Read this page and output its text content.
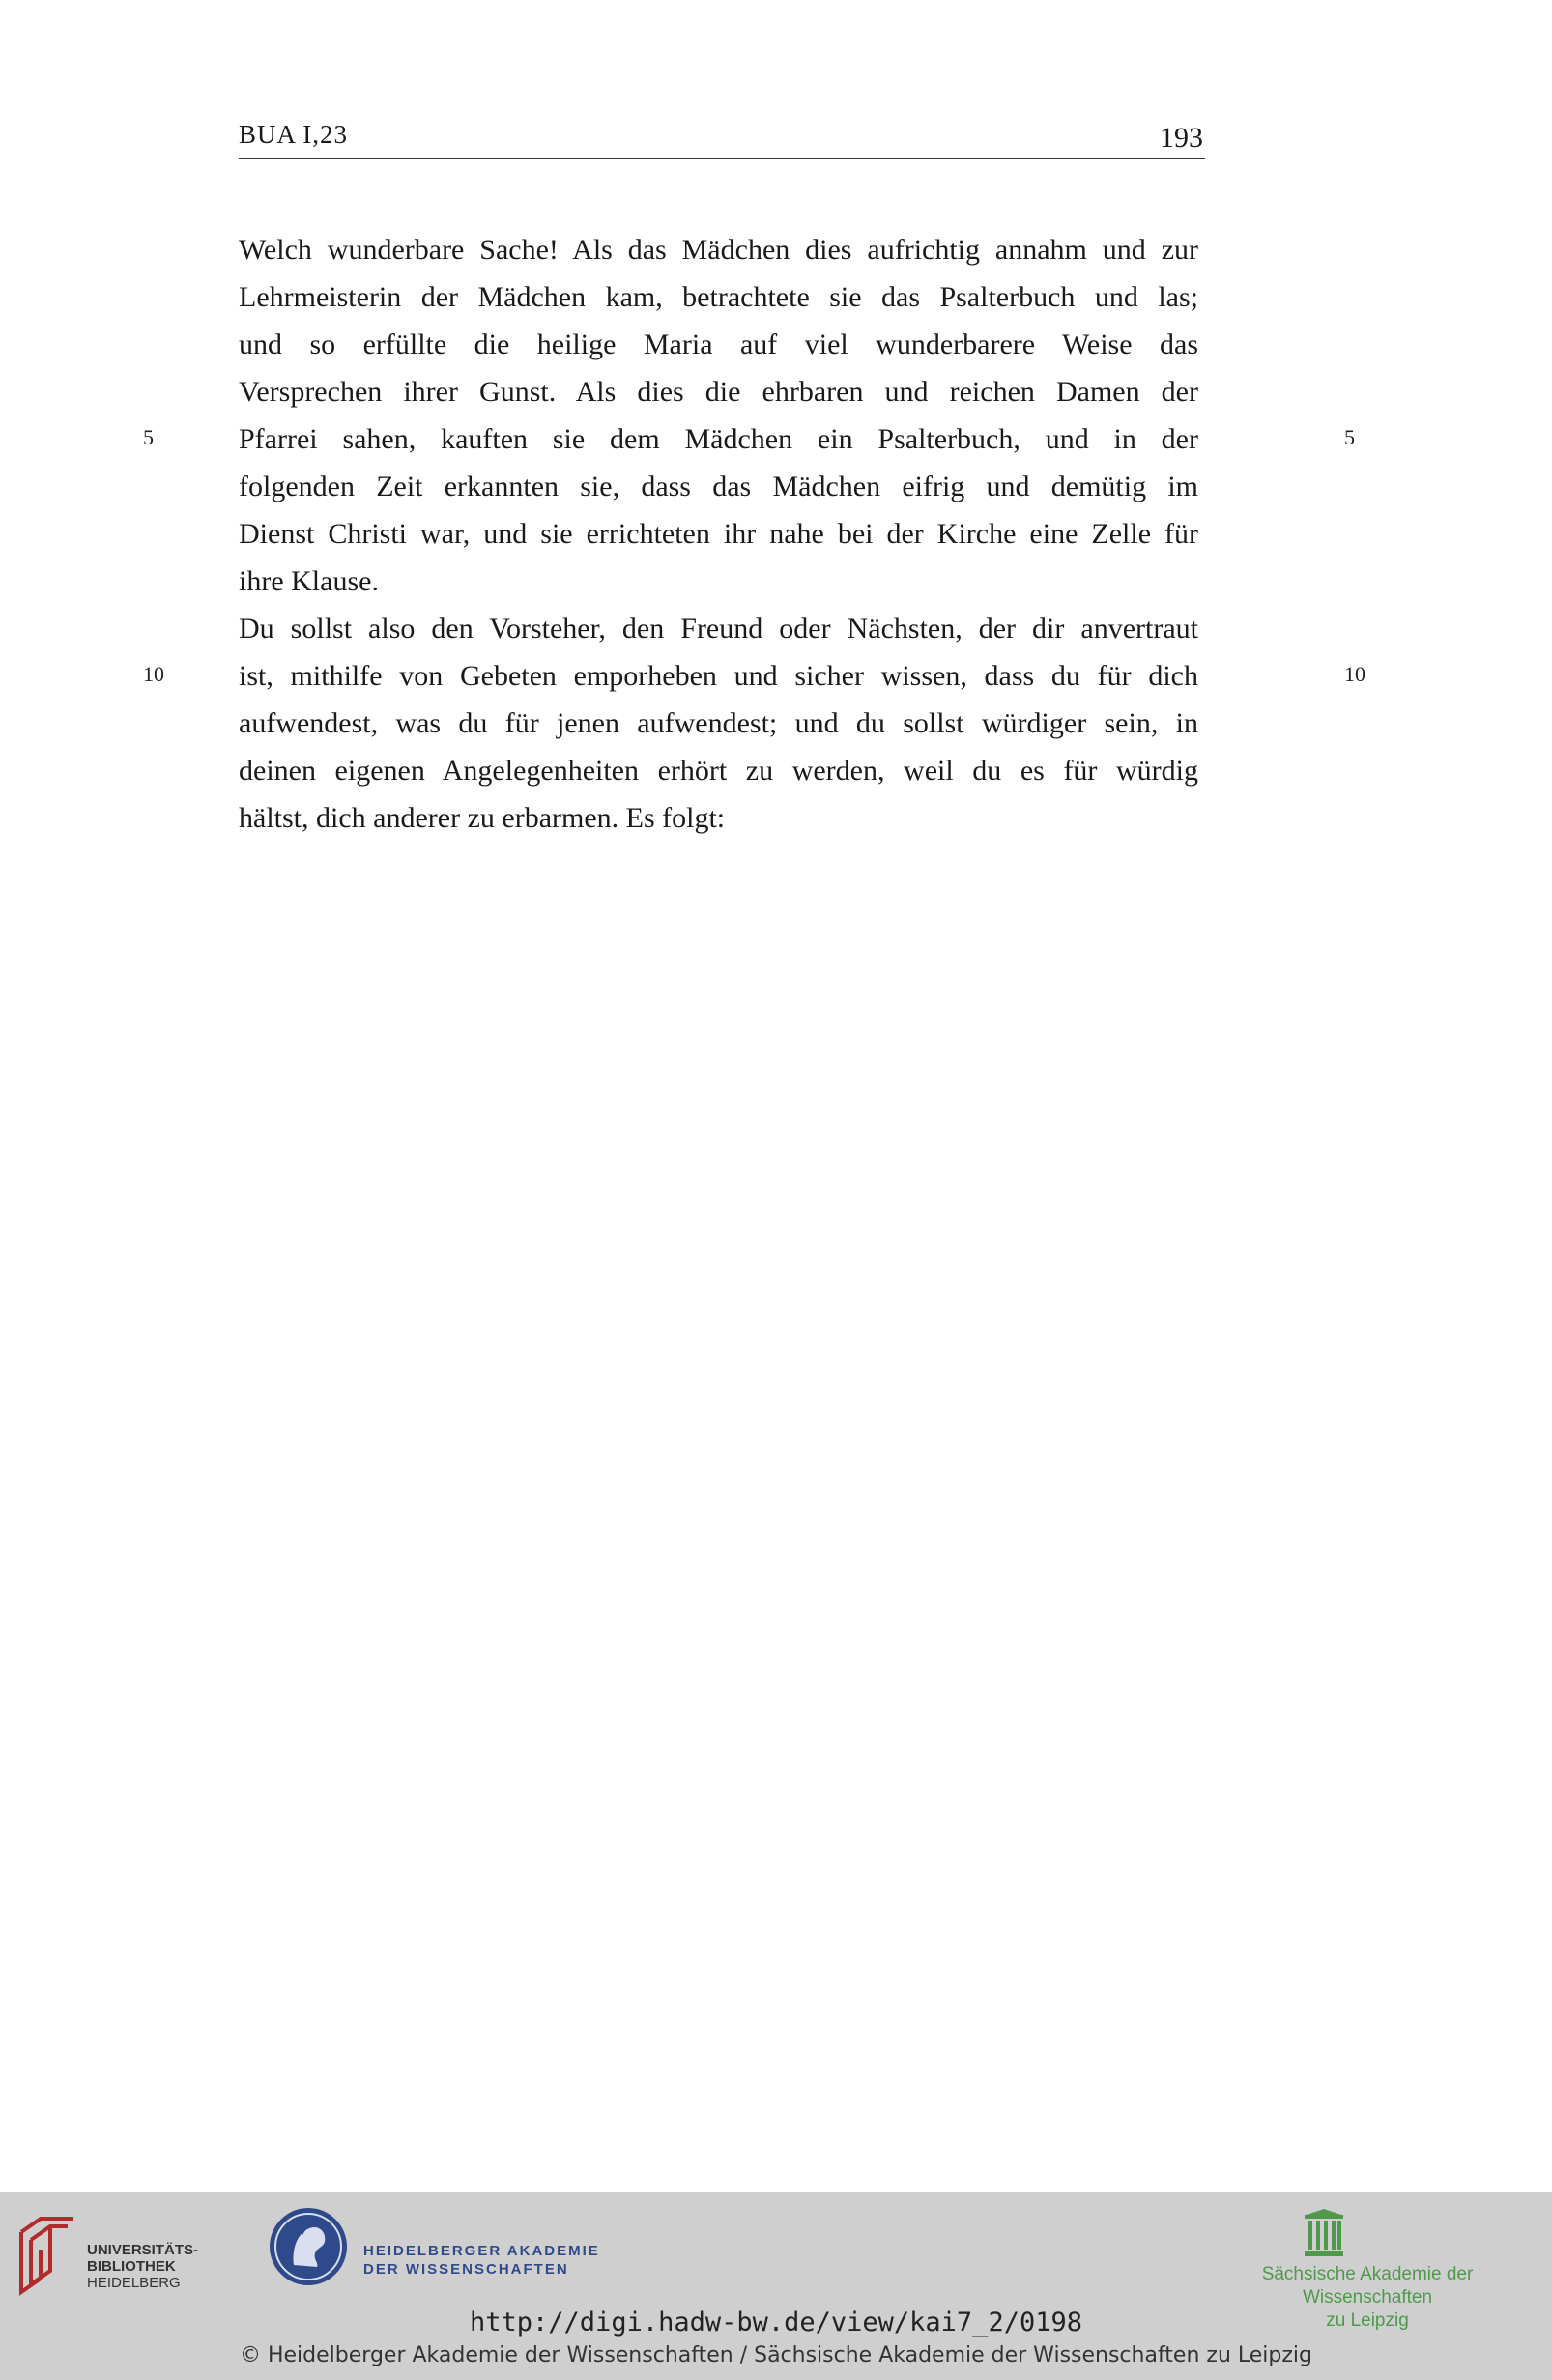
BUA I,23	193
Welch wunderbare Sache! Als das Mädchen dies aufrichtig annahm und zur
Lehrmeisterin der Mädchen kam, betrachtete sie das Psalterbuch und las;
und so erfüllte die heilige Maria auf viel wunderbarere Weise das
Versprechen ihrer Gunst. Als dies die ehrbaren und reichen Damen der
Pfarrei sahen, kauften sie dem Mädchen ein Psalterbuch, und in der
folgenden Zeit erkannten sie, dass das Mädchen eifrig und demütig im
Dienst Christi war, und sie errichteten ihr nahe bei der Kirche eine Zelle für
ihre Klause.
Du sollst also den Vorsteher, den Freund oder Nächsten, der dir anvertraut
ist, mithilfe von Gebeten emporheben und sicher wissen, dass du für dich
aufwendest, was du für jenen aufwendest; und du sollst würdiger sein, in
deinen eigenen Angelegenheiten erhört zu werden, weil du es für würdig
hältst, dich anderer zu erbarmen. Es folgt:
5	5
10	10
UNIVERSITÄTS-
BIBLIOTHEK
HEIDELBERG
HEIDELBERGER AKADEMIE
DER WISSENSCHAFTEN	Sächsische Akademie der Wissenschaften
zu Leipzig
http://digi.hadw-bw.de/view/kai7_2/0198
© Heidelberger Akademie der Wissenschaften / Sächsische Akademie der Wissenschaften zu Leipzig
